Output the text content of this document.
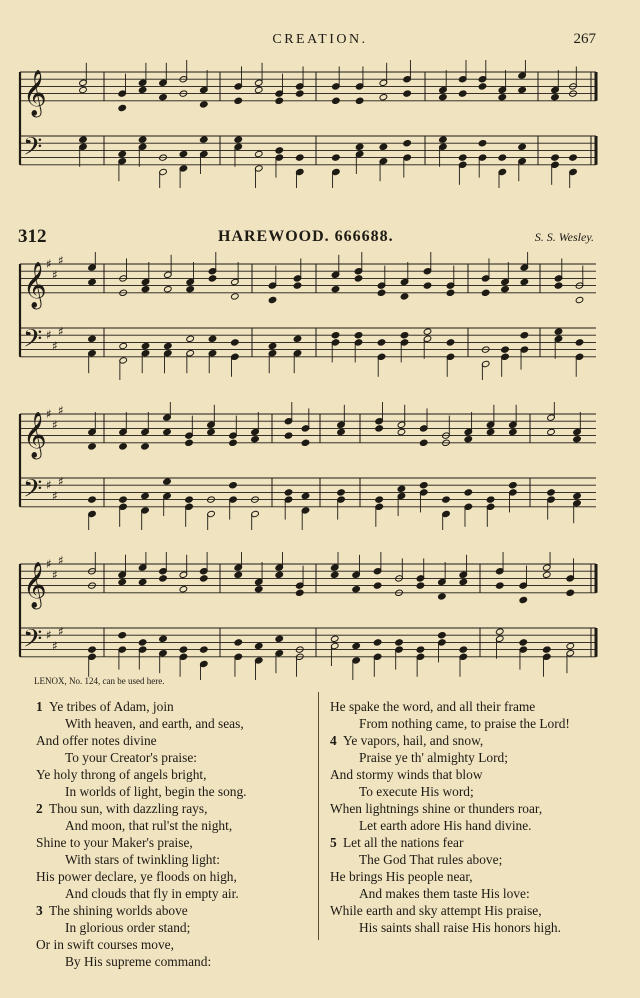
CREATION.	267
𝄞
𝄢
312	HAREWOOD. 666688.	S. S. Wesley.
𝄞
𝄢
♯
♯
♯
♯
♯
♯
𝄞
𝄢
♯
♯
♯
♯
♯
♯
𝄞
𝄢
♯
♯
♯
♯
♯
♯
LENOX, No. 124, can be used here.
1 Ye tribes of Adam, join
With heaven, and earth, and seas,
And offer notes divine
To your Creator's praise:
Ye holy throng of angels bright,
In worlds of light, begin the song.
2 Thou sun, with dazzling rays,
And moon, that rul'st the night,
Shine to your Maker's praise,
With stars of twinkling light:
His power declare, ye floods on high,
And clouds that fly in empty air.
3 The shining worlds above
In glorious order stand;
Or in swift courses move,
By His supreme command:
He spake the word, and all their frame
From nothing came, to praise the Lord!
4 Ye vapors, hail, and snow,
Praise ye th' almighty Lord;
And stormy winds that blow
To execute His word;
When lightnings shine or thunders roar,
Let earth adore His hand divine.
5 Let all the nations fear
The God That rules above;
He brings His people near,
And makes them taste His love:
While earth and sky attempt His praise,
His saints shall raise His honors high.
